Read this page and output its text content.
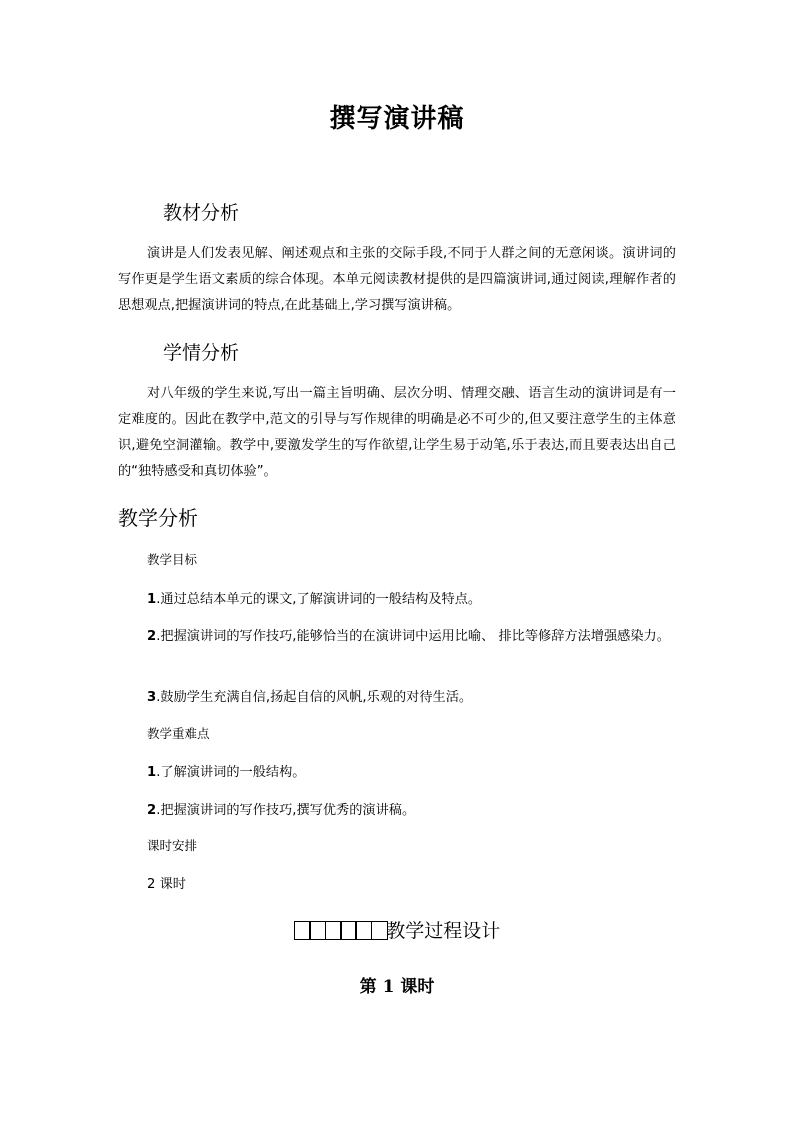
撰写演讲稿
教材分析

演讲是人们发表见解、阐述观点和主张的交际手段,不同于人群之间的无意闲谈。演讲词的写作更是学生语文素质的综合体现。本单元阅读教材提供的是四篇演讲词,通过阅读,理解作者的思想观点,把握演讲词的特点,在此基础上,学习撰写演讲稿。

学情分析

对八年级的学生来说,写出一篇主旨明确、层次分明、情理交融、语言生动的演讲词是有一定难度的。因此在教学中,范文的引导与写作规律的明确是必不可少的,但又要注意学生的主体意识,避免空洞灌输。教学中,要激发学生的写作欲望,让学生易于动笔,乐于表达,而且要表达出自己的“独特感受和真切体验”。

教学分析
教学目标
1.通过总结本单元的课文,了解演讲词的一般结构及特点。

2.把握演讲词的写作技巧,能够恰当的在演讲词中运用比喻、 排比等修辞方法增强感染力。

3.鼓励学生充满自信,扬起自信的风帆,乐观的对待生活。
教学重难点
1.了解演讲词的一般结构。
2.把握演讲词的写作技巧,撰写优秀的演讲稿。
课时安排
2 课时
教学过程设计
第 1 课时
